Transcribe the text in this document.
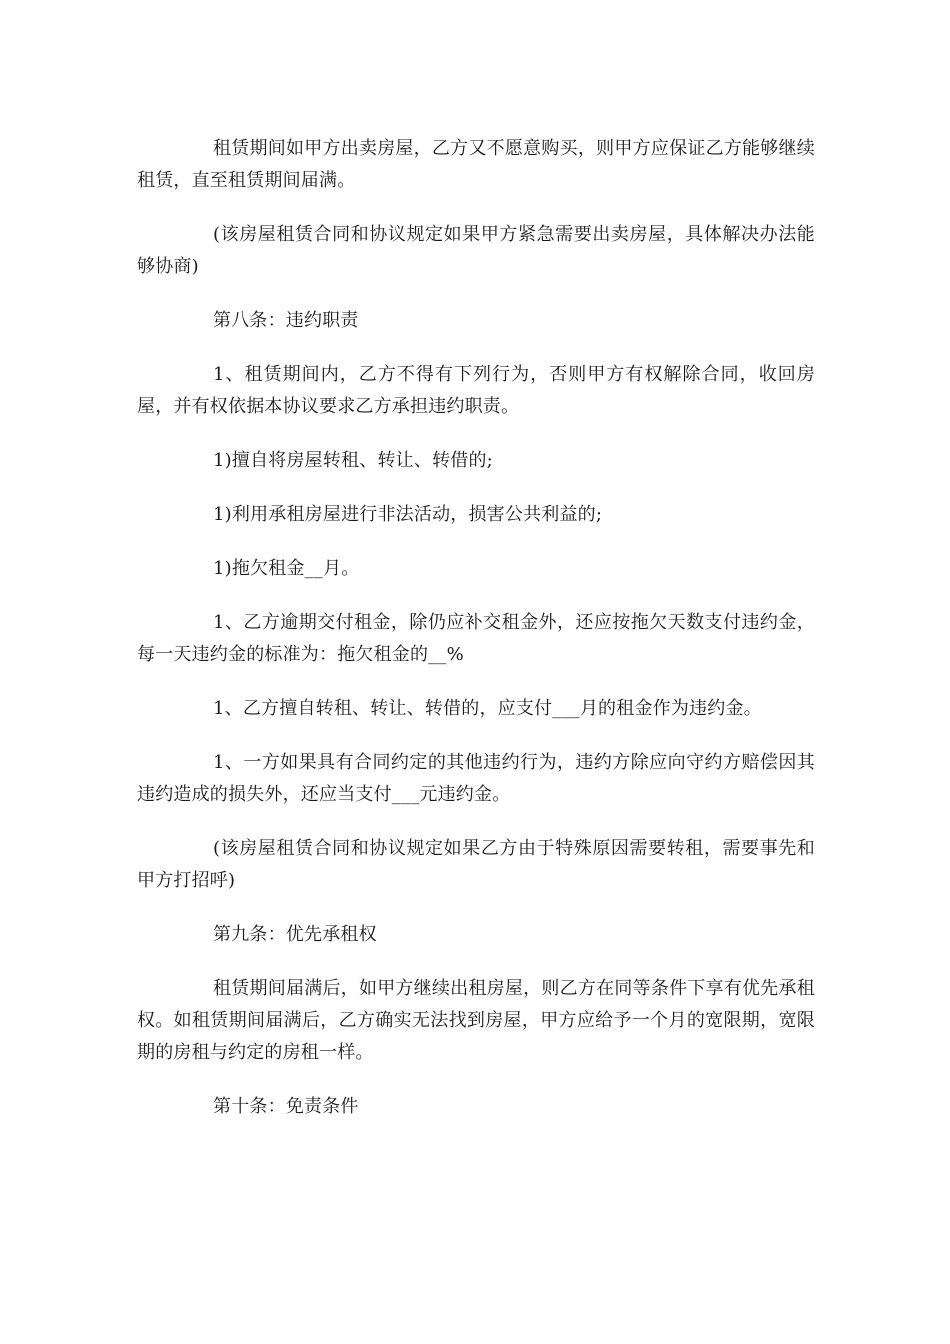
租赁期间如甲方出卖房屋，乙方又不愿意购买，则甲方应保证乙方能够继续租赁，直至租赁期间届满。

(该房屋租赁合同和协议规定如果甲方紧急需要出卖房屋，具体解决办法能够协商)

第八条：违约职责

1、租赁期间内，乙方不得有下列行为，否则甲方有权解除合同，收回房屋，并有权依据本协议要求乙方承担违约职责。

1)擅自将房屋转租、转让、转借的;

1)利用承租房屋进行非法活动，损害公共利益的;

1)拖欠租金__月。

1、乙方逾期交付租金，除仍应补交租金外，还应按拖欠天数支付违约金，每一天违约金的标准为：拖欠租金的__%

1、乙方擅自转租、转让、转借的，应支付___月的租金作为违约金。

1、一方如果具有合同约定的其他违约行为，违约方除应向守约方赔偿因其违约造成的损失外，还应当支付___元违约金。

(该房屋租赁合同和协议规定如果乙方由于特殊原因需要转租，需要事先和甲方打招呼)

第九条：优先承租权

租赁期间届满后，如甲方继续出租房屋，则乙方在同等条件下享有优先承租权。如租赁期间届满后，乙方确实无法找到房屋，甲方应给予一个月的宽限期，宽限期的房租与约定的房租一样。

第十条：免责条件
